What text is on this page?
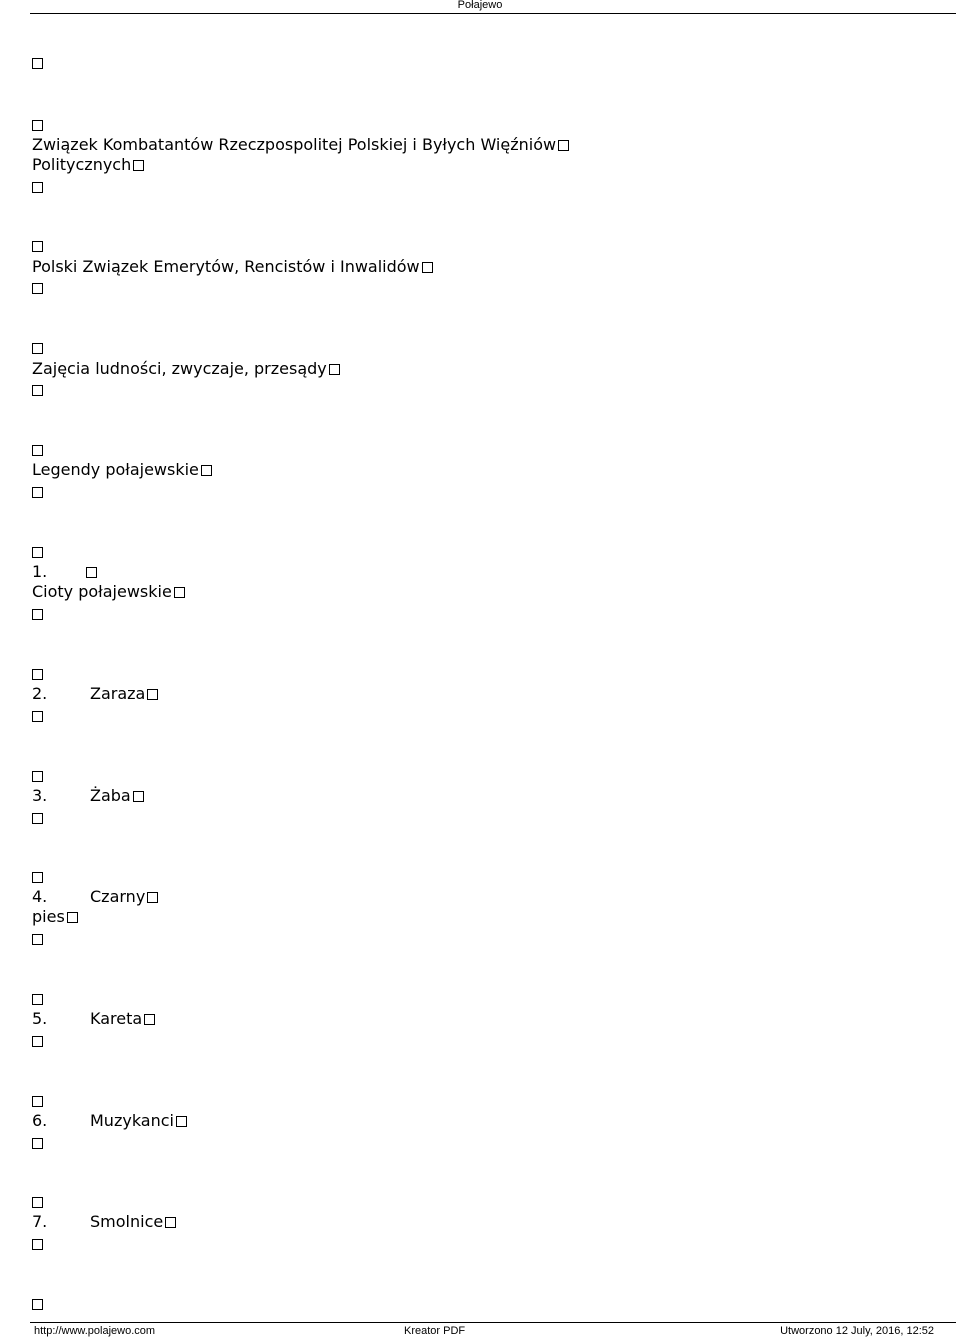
Połajewo
Związek Kombatantów Rzeczpospolitej Polskiej i Byłych Więźniów
Politycznych
Polski Związek Emerytów, Rencistów i Inwalidów
Zajęcia ludności, zwyczaje, przesądy
Legendy połajewskie
1.
Cioty połajewskie
2.	Zaraza
3.	Żaba
4.	Czarny
pies
5.	Kareta
6.	Muzykanci
7.	Smolnice
http://www.polajewo.com	Kreator PDF	Utworzono 12 July, 2016, 12:52
